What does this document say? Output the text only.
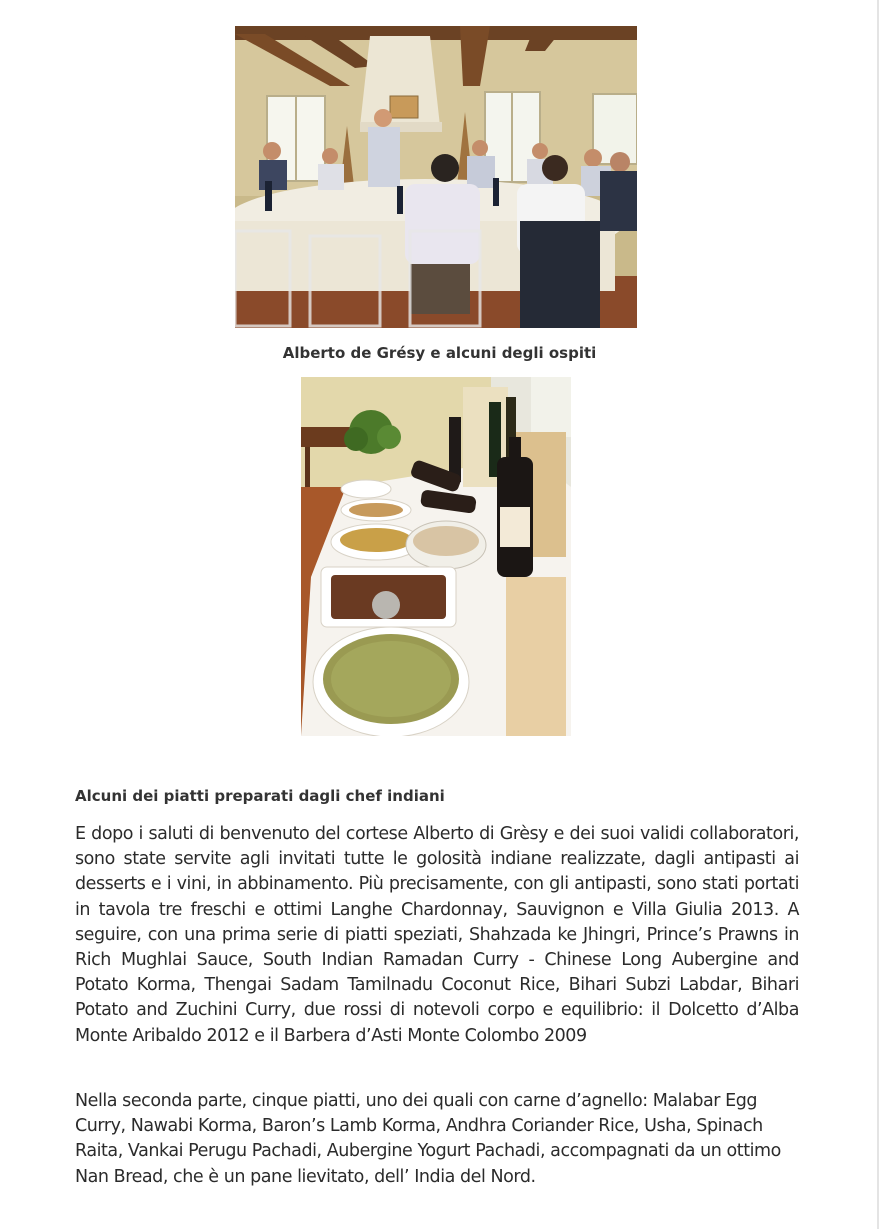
Alberto de Grésy e alcuni degli ospiti
Alcuni dei piatti preparati dagli chef indiani

E dopo i saluti di benvenuto del cortese Alberto di Grèsy e dei suoi validi collaboratori, sono state servite agli invitati tutte le golosità indiane realizzate, dagli antipasti ai desserts e i vini, in abbinamento. Più precisamente, con gli antipasti, sono stati portati in tavola tre freschi e ottimi Langhe Chardonnay, Sauvignon e Villa Giulia 2013. A seguire, con una prima serie di piatti speziati, Shahzada ke Jhingri, Prince’s Prawns in Rich Mughlai Sauce, South Indian Ramadan Curry - Chinese Long Aubergine and Potato Korma, Thengai Sadam Tamilnadu Coconut Rice, Bihari Subzi Labdar, Bihari Potato and Zuchini Curry, due rossi di notevoli corpo e equilibrio: il Dolcetto d’Alba Monte Aribaldo 2012 e il Barbera d’Asti Monte Colombo 2009

Nella seconda parte, cinque piatti, uno dei quali con carne d’agnello: Malabar Egg Curry, Nawabi Korma, Baron’s Lamb Korma, Andhra Coriander Rice, Usha, Spinach Raita, Vankai Perugu Pachadi, Aubergine Yogurt Pachadi, accompagnati da un ottimo Nan Bread, che è un pane lievitato, dell’ India del Nord.
